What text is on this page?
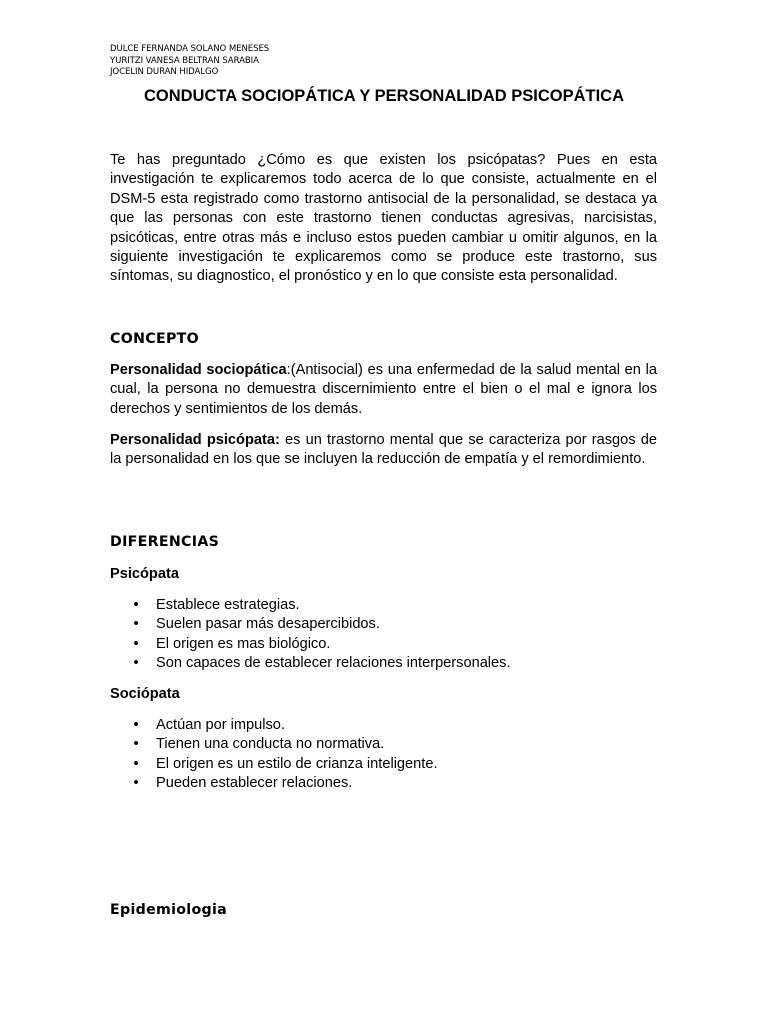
DULCE FERNANDA SOLANO MENESES
YURITZI VANESA BELTRAN SARABIA
JOCELIN DURAN HIDALGO
CONDUCTA SOCIOPÁTICA Y PERSONALIDAD PSICOPÁTICA
Te has preguntado ¿Cómo es que existen los psicópatas? Pues en esta investigación te explicaremos todo acerca de lo que consiste, actualmente en el DSM-5 esta registrado como trastorno antisocial de la personalidad, se destaca ya que las personas con este trastorno tienen conductas agresivas, narcisistas, psicóticas, entre otras más e incluso estos pueden cambiar u omitir algunos, en la siguiente investigación te explicaremos como se produce este trastorno, sus síntomas, su diagnostico, el pronóstico y en lo que consiste esta personalidad.
CONCEPTO
Personalidad sociopática:(Antisocial) es una enfermedad de la salud mental en la cual, la persona no demuestra discernimiento entre el bien o el mal e ignora los derechos y sentimientos de los demás.
Personalidad psicópata: es un trastorno mental que se caracteriza por rasgos de la personalidad en los que se incluyen la reducción de empatía y el remordimiento.
DIFERENCIAS
Psicópata
• Establece estrategias.
• Suelen pasar más desapercibidos.
• El origen es mas biológico.
• Son capaces de establecer relaciones interpersonales.
Sociópata
• Actúan por impulso.
• Tienen una conducta no normativa.
• El origen es un estilo de crianza inteligente.
• Pueden establecer relaciones.
Epidemiologia
